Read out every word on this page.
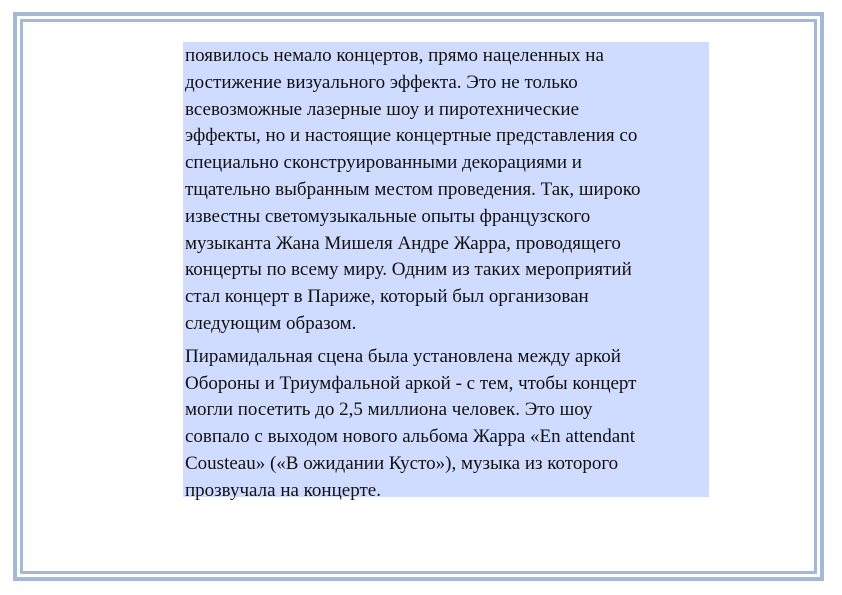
появилось немало концертов, прямо нацеленных на
достижение визуального эффекта. Это не только
всевозможные лазерные шоу и пиротехнические
эффекты, но и настоящие концертные представления со
специально сконструированными декорациями и
тщательно выбранным местом проведения. Так, широко
известны светомузыкальные опыты французского
музыканта Жана Мишеля Андре Жарра, проводящего
концерты по всему миру. Одним из таких мероприятий
стал концерт в Париже, который был организован
следующим образом.

Пирамидальная сцена была установлена между аркой
Обороны и Триумфальной аркой - с тем, чтобы концерт
могли посетить до 2,5 миллиона человек. Это шоу
совпало с выходом нового альбома Жарра «En attendant
Cousteau» («В ожидании Кусто»), музыка из которого
прозвучала на концерте.
